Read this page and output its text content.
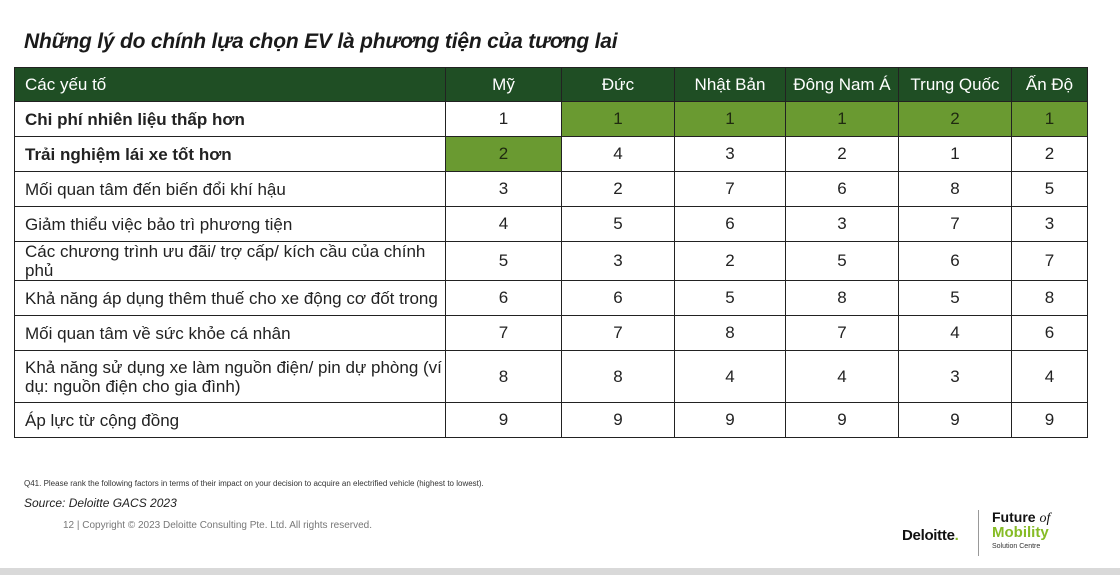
Những lý do chính lựa chọn EV là phương tiện của tương lai
Các yếu tố	Mỹ	Đức	Nhật Bản	Đông Nam Á	Trung Quốc	Ấn Độ
Chi phí nhiên liệu thấp hơn	1	1	1	1	2	1
Trải nghiệm lái xe tốt hơn	2	4	3	2	1	2
Mối quan tâm đến biến đổi khí hậu	3	2	7	6	8	5
Giảm thiểu việc bảo trì phương tiện	4	5	6	3	7	3
Các chương trình ưu đãi/ trợ cấp/ kích cầu của chính phủ	5	3	2	5	6	7
Khả năng áp dụng thêm thuế cho xe động cơ đốt trong	6	6	5	8	5	8
Mối quan tâm về sức khỏe cá nhân	7	7	8	7	4	6
Khả năng sử dụng xe làm nguồn điện/ pin dự phòng (ví dụ: nguồn điện cho gia đình)	8	8	4	4	3	4
Áp lực từ cộng đồng	9	9	9	9	9	9
Q41. Please rank the following factors in terms of their impact on your decision to acquire an electrified vehicle (highest to lowest).
Source: Deloitte GACS 2023
12 | Copyright © 2023 Deloitte Consulting Pte. Ltd. All rights reserved.
Deloitte.
Future of
Mobility
Solution Centre
